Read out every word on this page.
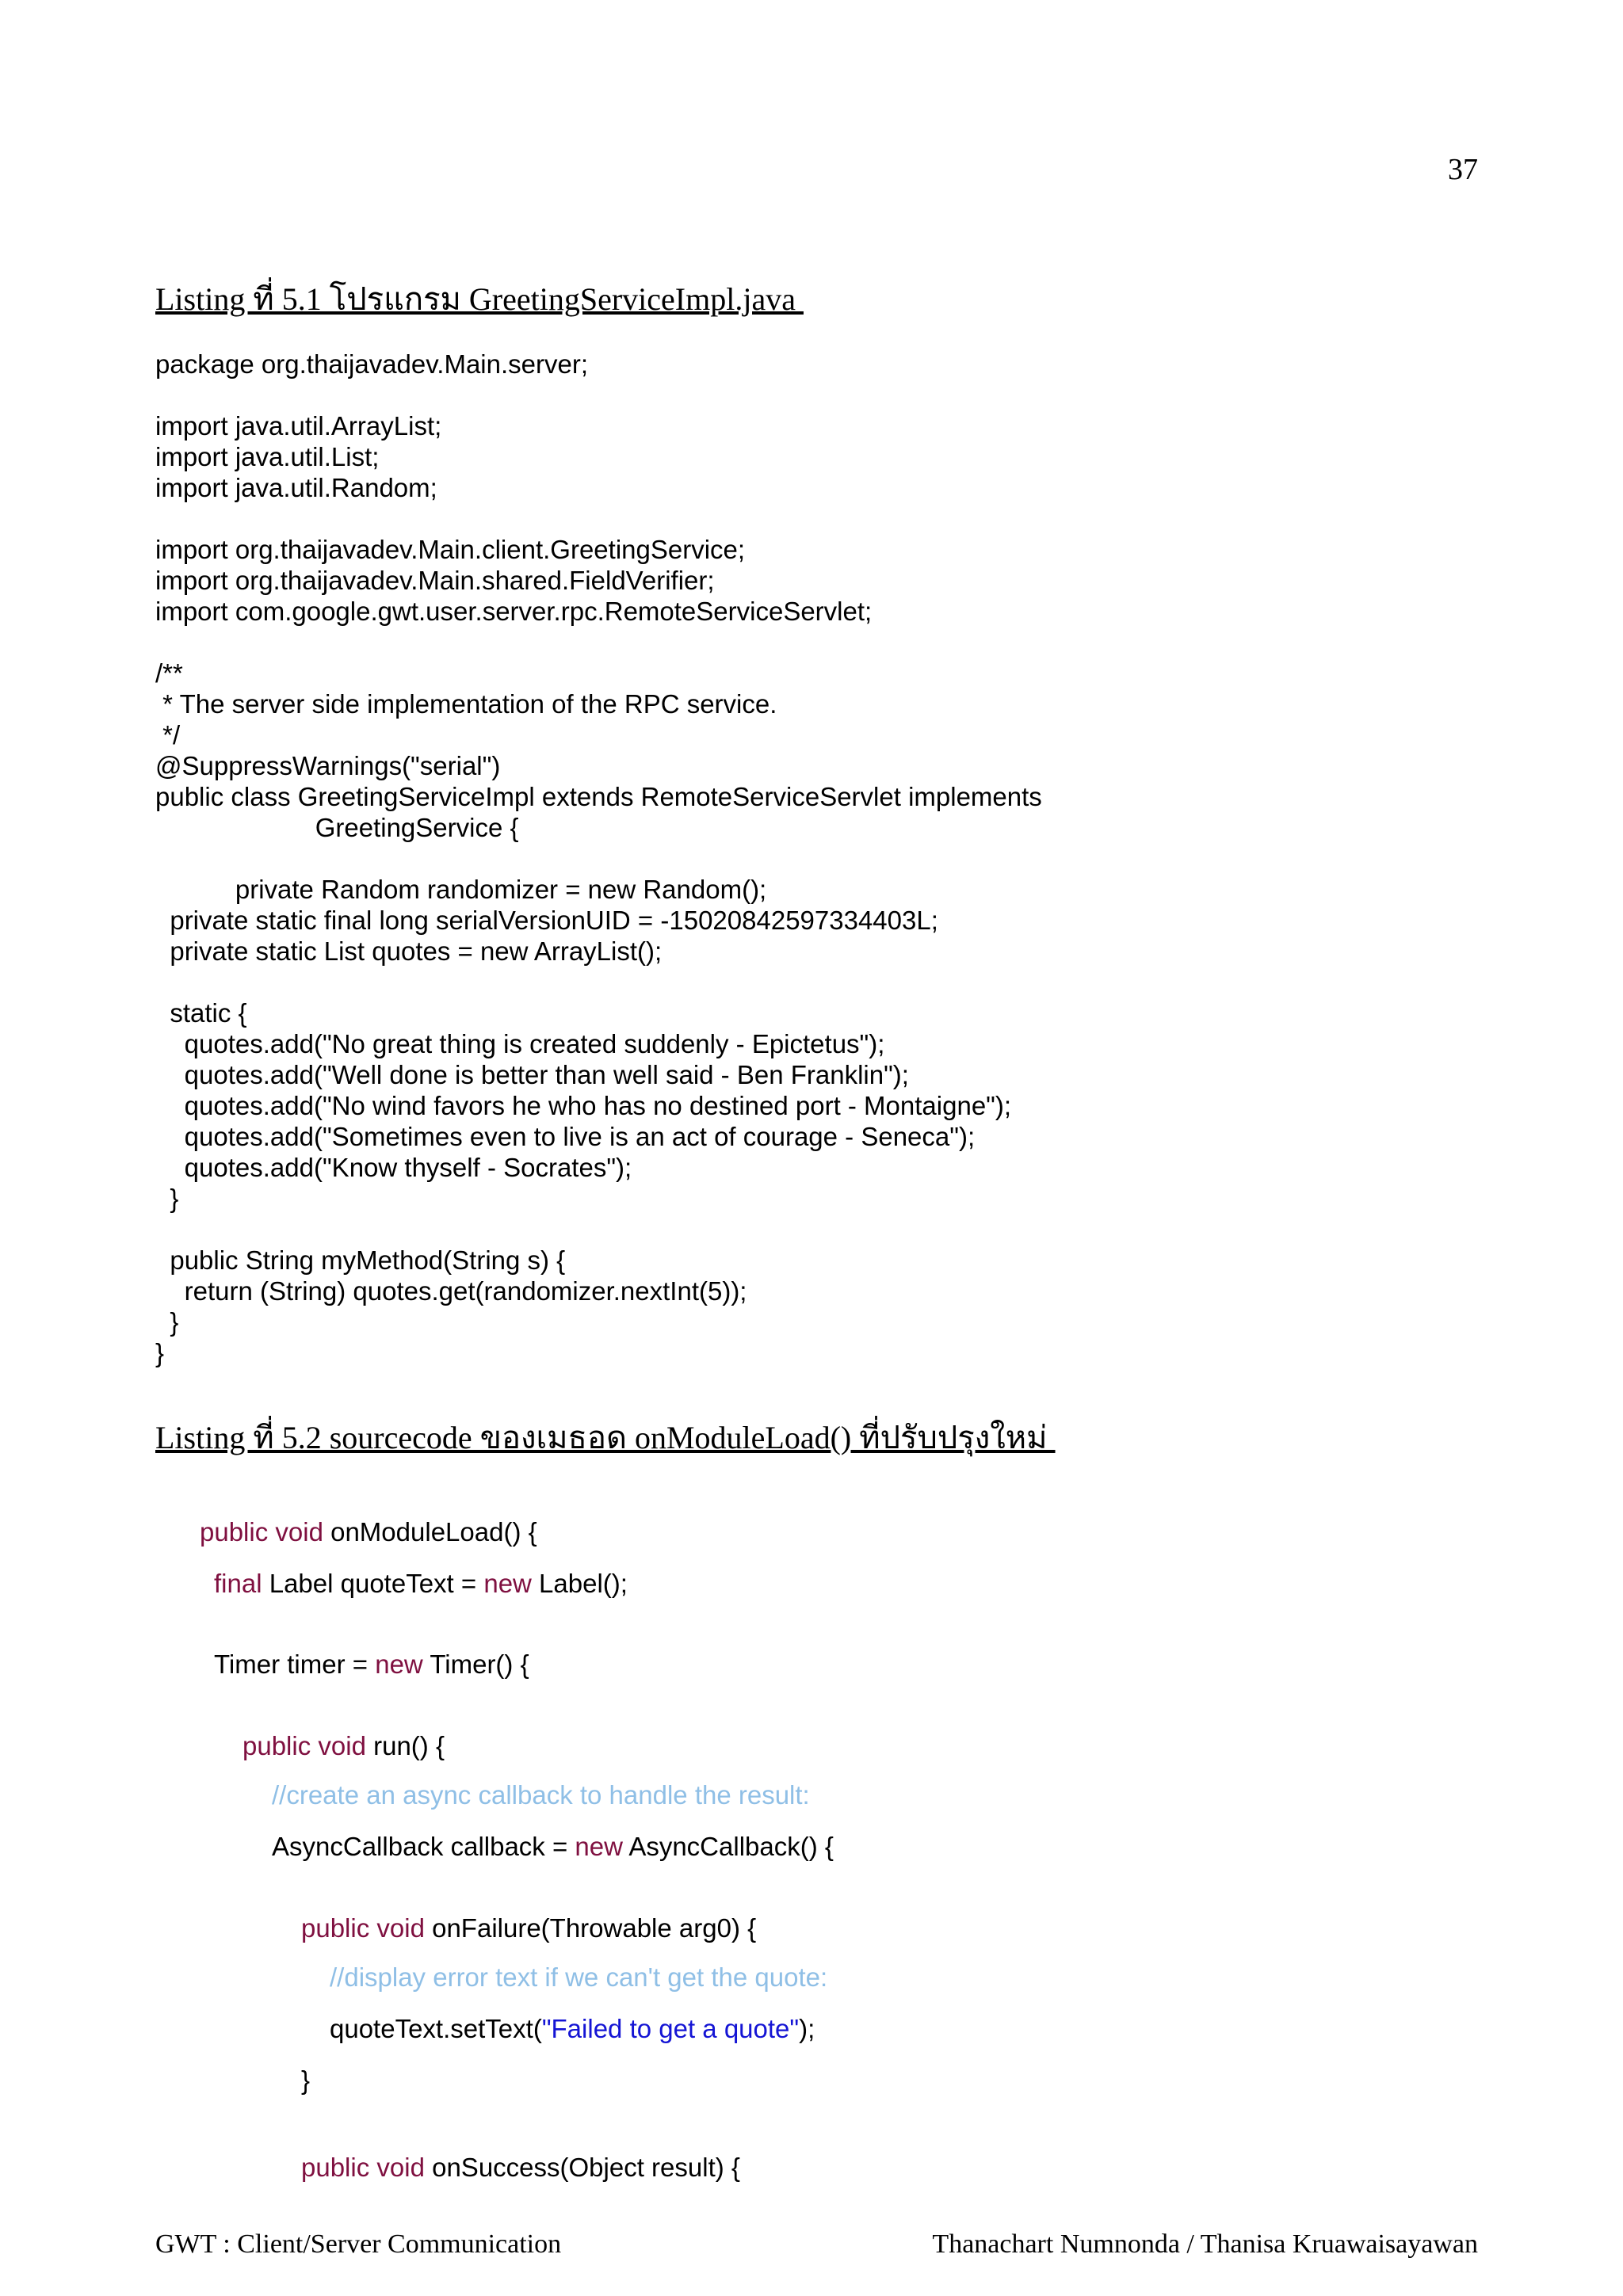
37
Listing ที่ 5.1 โปรแกรม GreetingServiceImpl.java
package org.thaijavadev.Main.server;
import java.util.ArrayList;
import java.util.List;
import java.util.Random;
import org.thaijavadev.Main.client.GreetingService;
import org.thaijavadev.Main.shared.FieldVerifier;
import com.google.gwt.user.server.rpc.RemoteServiceServlet;
/**
* The server side implementation of the RPC service.
*/
@SuppressWarnings("serial")
public class GreetingServiceImpl extends RemoteServiceServlet implements
GreetingService {
private Random randomizer = new Random();
private static final long serialVersionUID = -15020842597334403L;
private static List quotes = new ArrayList();
static {
quotes.add("No great thing is created suddenly - Epictetus");
quotes.add("Well done is better than well said - Ben Franklin");
quotes.add("No wind favors he who has no destined port - Montaigne");
quotes.add("Sometimes even to live is an act of courage - Seneca");
quotes.add("Know thyself - Socrates");
}
public String myMethod(String s) {
return (String) quotes.get(randomizer.nextInt(5));
}
}
Listing ที่ 5.2 sourcecode ของเมธอด onModuleLoad() ที่ปรับปรุงใหม่
public void onModuleLoad() {
final Label quoteText = new Label();
Timer timer = new Timer() {
public void run() {
//create an async callback to handle the result:
AsyncCallback callback = new AsyncCallback() {
public void onFailure(Throwable arg0) {
//display error text if we can't get the quote:
quoteText.setText("Failed to get a quote");
}
public void onSuccess(Object result) {
GWT : Client/Server Communication	Thanachart Numnonda / Thanisa Kruawaisayawan
